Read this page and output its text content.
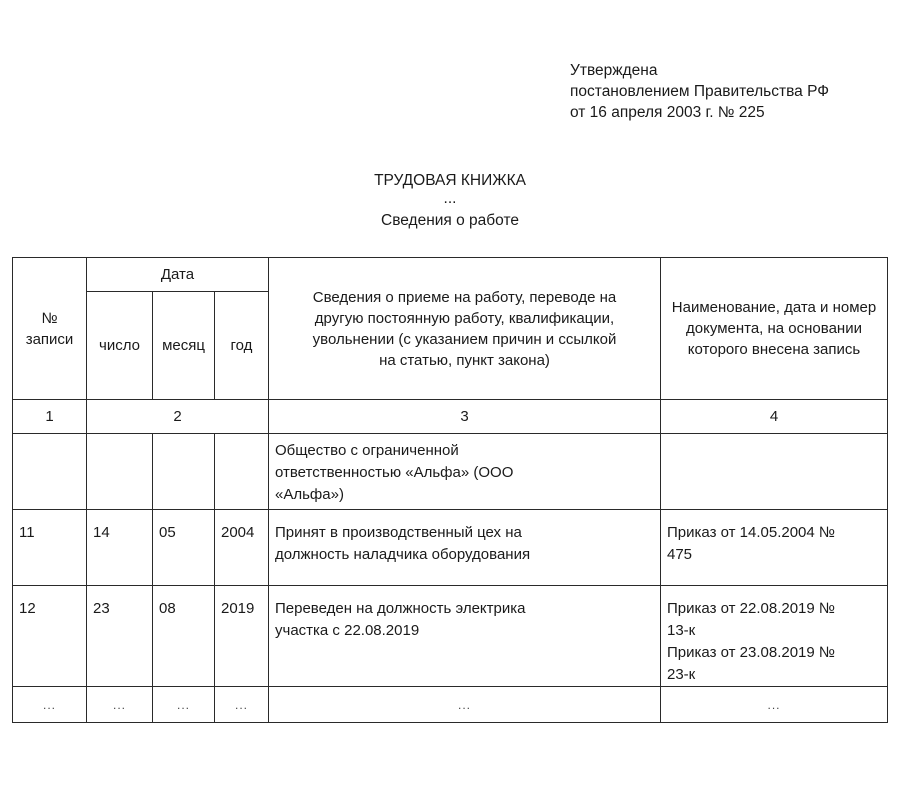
Утверждена
постановлением Правительства РФ
от 16 апреля 2003 г. № 225
ТРУДОВАЯ КНИЖКА
...
Сведения о работе
№ записи	Дата			Сведения о приеме на работу, переводе на другую постоянную работу, квалификации, увольнении (с указанием причин и ссылкой на статью, пункт закона)	Наименование, дата и номер документа, на основании которого внесена запись
	число	месяц	год		
1	2			3	4
				Общество с ограниченной ответственностью «Альфа» (ООО «Альфа»)	

11	14	05	2004	Принят в производственный цех на должность наладчика оборудования	Приказ от 14.05.2004 № 475

12	23	08	2019	Переведен на должность электрика участка с 22.08.2019	Приказ от 22.08.2019 № 13-к
Приказ от 23.08.2019 № 23-к

...	...	...	...	...	...
